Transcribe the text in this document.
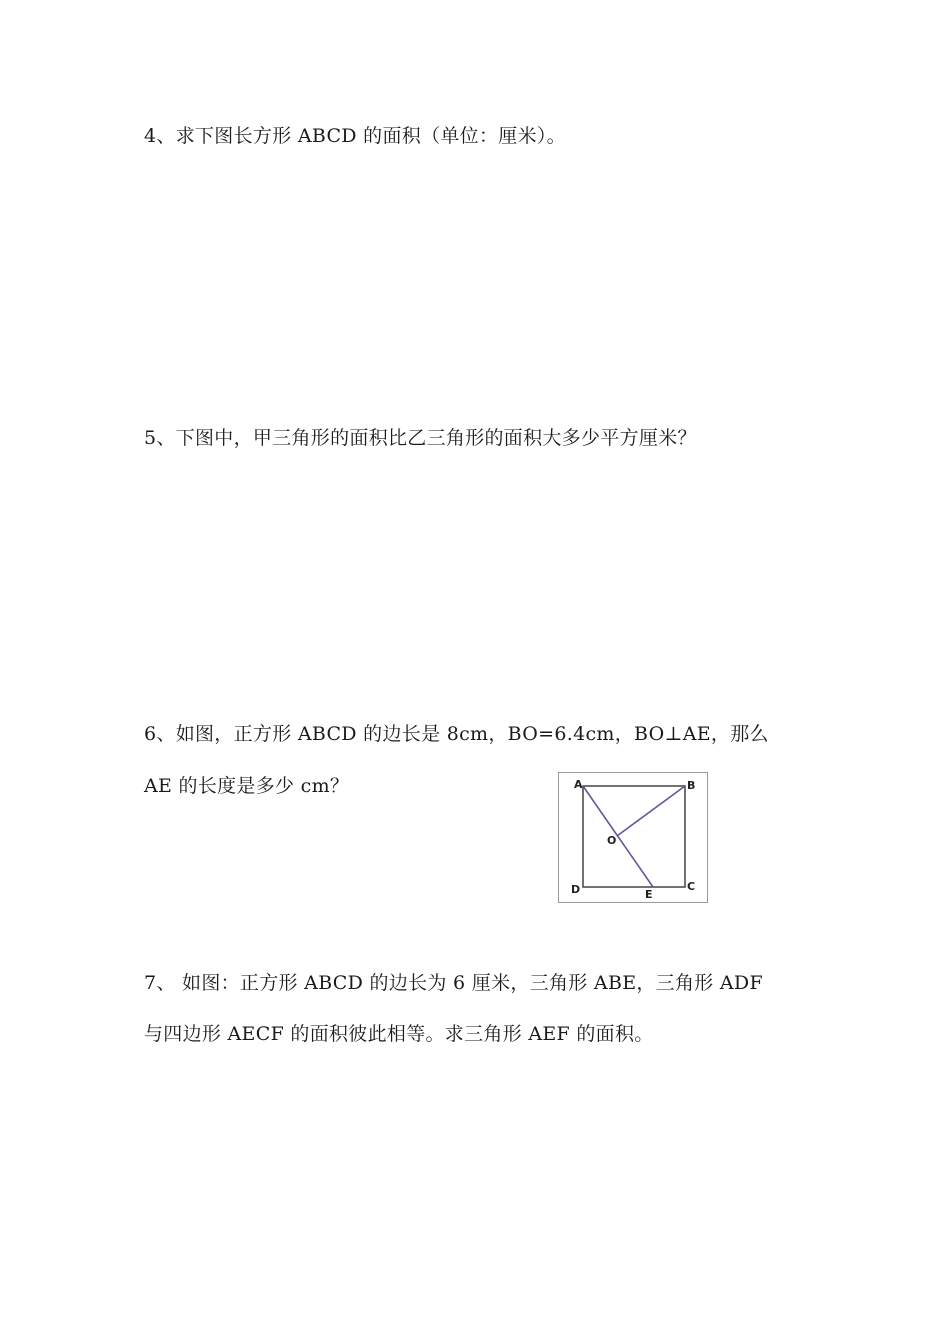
4、求下图长方形 ABCD 的面积（单位：厘米）。
5、下图中，甲三角形的面积比乙三角形的面积大多少平方厘米？
6、如图，正方形 ABCD 的边长是 8cm，BO=6.4cm，BO⊥AE，那么
AE 的长度是多少 cm？	A	B
C
D	E
O
7、 如图：正方形 ABCD 的边长为 6 厘米，三角形 ABE，三角形 ADF
与四边形 AECF 的面积彼此相等。求三角形 AEF 的面积。
